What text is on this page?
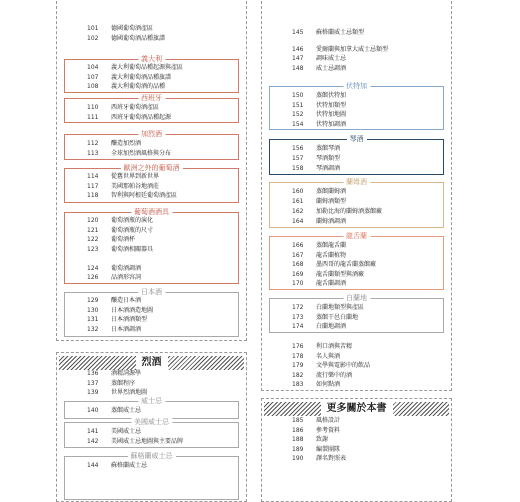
烈酒
101	德國葡萄酒產區
102	德國葡萄酒品種旗譜
義大利
104	義大利葡萄品種起源與產區
107	義大利葡萄酒品種旗譜
108	義大利葡萄酒的品種
西班牙
110	西班牙葡萄酒產區
111	西班牙葡萄酒品種起源
加烈酒
112	釀造加烈酒
113	全球加烈酒風格與分布
歐洲之外的葡萄酒
114	從舊世界到新世界
117	美國那帕谷地酒莊
118	智利與阿根廷葡萄酒產區
葡萄酒酒具
120	葡萄酒瓶的演化
121	葡萄酒瓶的尺寸
122	葡萄酒杯
123	葡萄酒相關器具
124	葡萄酒調酒
126	品酒形容詞
日本酒
129	釀造日本酒
130	日本酒酒造地圖
131	日本酒酒類型
132	日本酒調酒
136	酒精詞源學
137	蒸餾程序
139	世界烈酒地圖
威士忌
140	蒸餾威士忌
美國威士忌
141	美國威士忌
142	美國威士忌地圖與主要品牌
蘇格蘭威士忌
144	蘇格蘭威士忌
更多關於本書
145	蘇格蘭威士忌類型
146	愛爾蘭與加拿大威士忌類型
147	調味威士忌
148	威士忌調酒
伏特加
150	蒸餾伏特加
151	伏特加類型
152	伏特加地圖
154	伏特加調酒
琴酒
156	蒸餾琴酒
157	琴酒類型
158	琴酒調酒
蘭姆酒
160	蒸餾蘭姆酒
161	蘭姆酒類型
162	加勒比海的蘭姆酒蒸餾廠
164	蘭姆酒調酒
龍舌蘭
166	蒸餾龍舌蘭
167	龍舌蘭植物
168	墨西哥的龍舌蘭蒸餾廠
169	龍舌蘭類型與酒廠
170	龍舌蘭調酒
白蘭地
172	白蘭地類型與產區
173	蒸餾干邑白蘭地
174	白蘭地調酒
176	利口酒與苦精
178	名人與酒
179	文學與電影中的飲品
182	流行樂中的酒
183	如何點酒
185	風格設計
186	參考資料
188	致謝
189	編製團隊
190	譯名對照表
